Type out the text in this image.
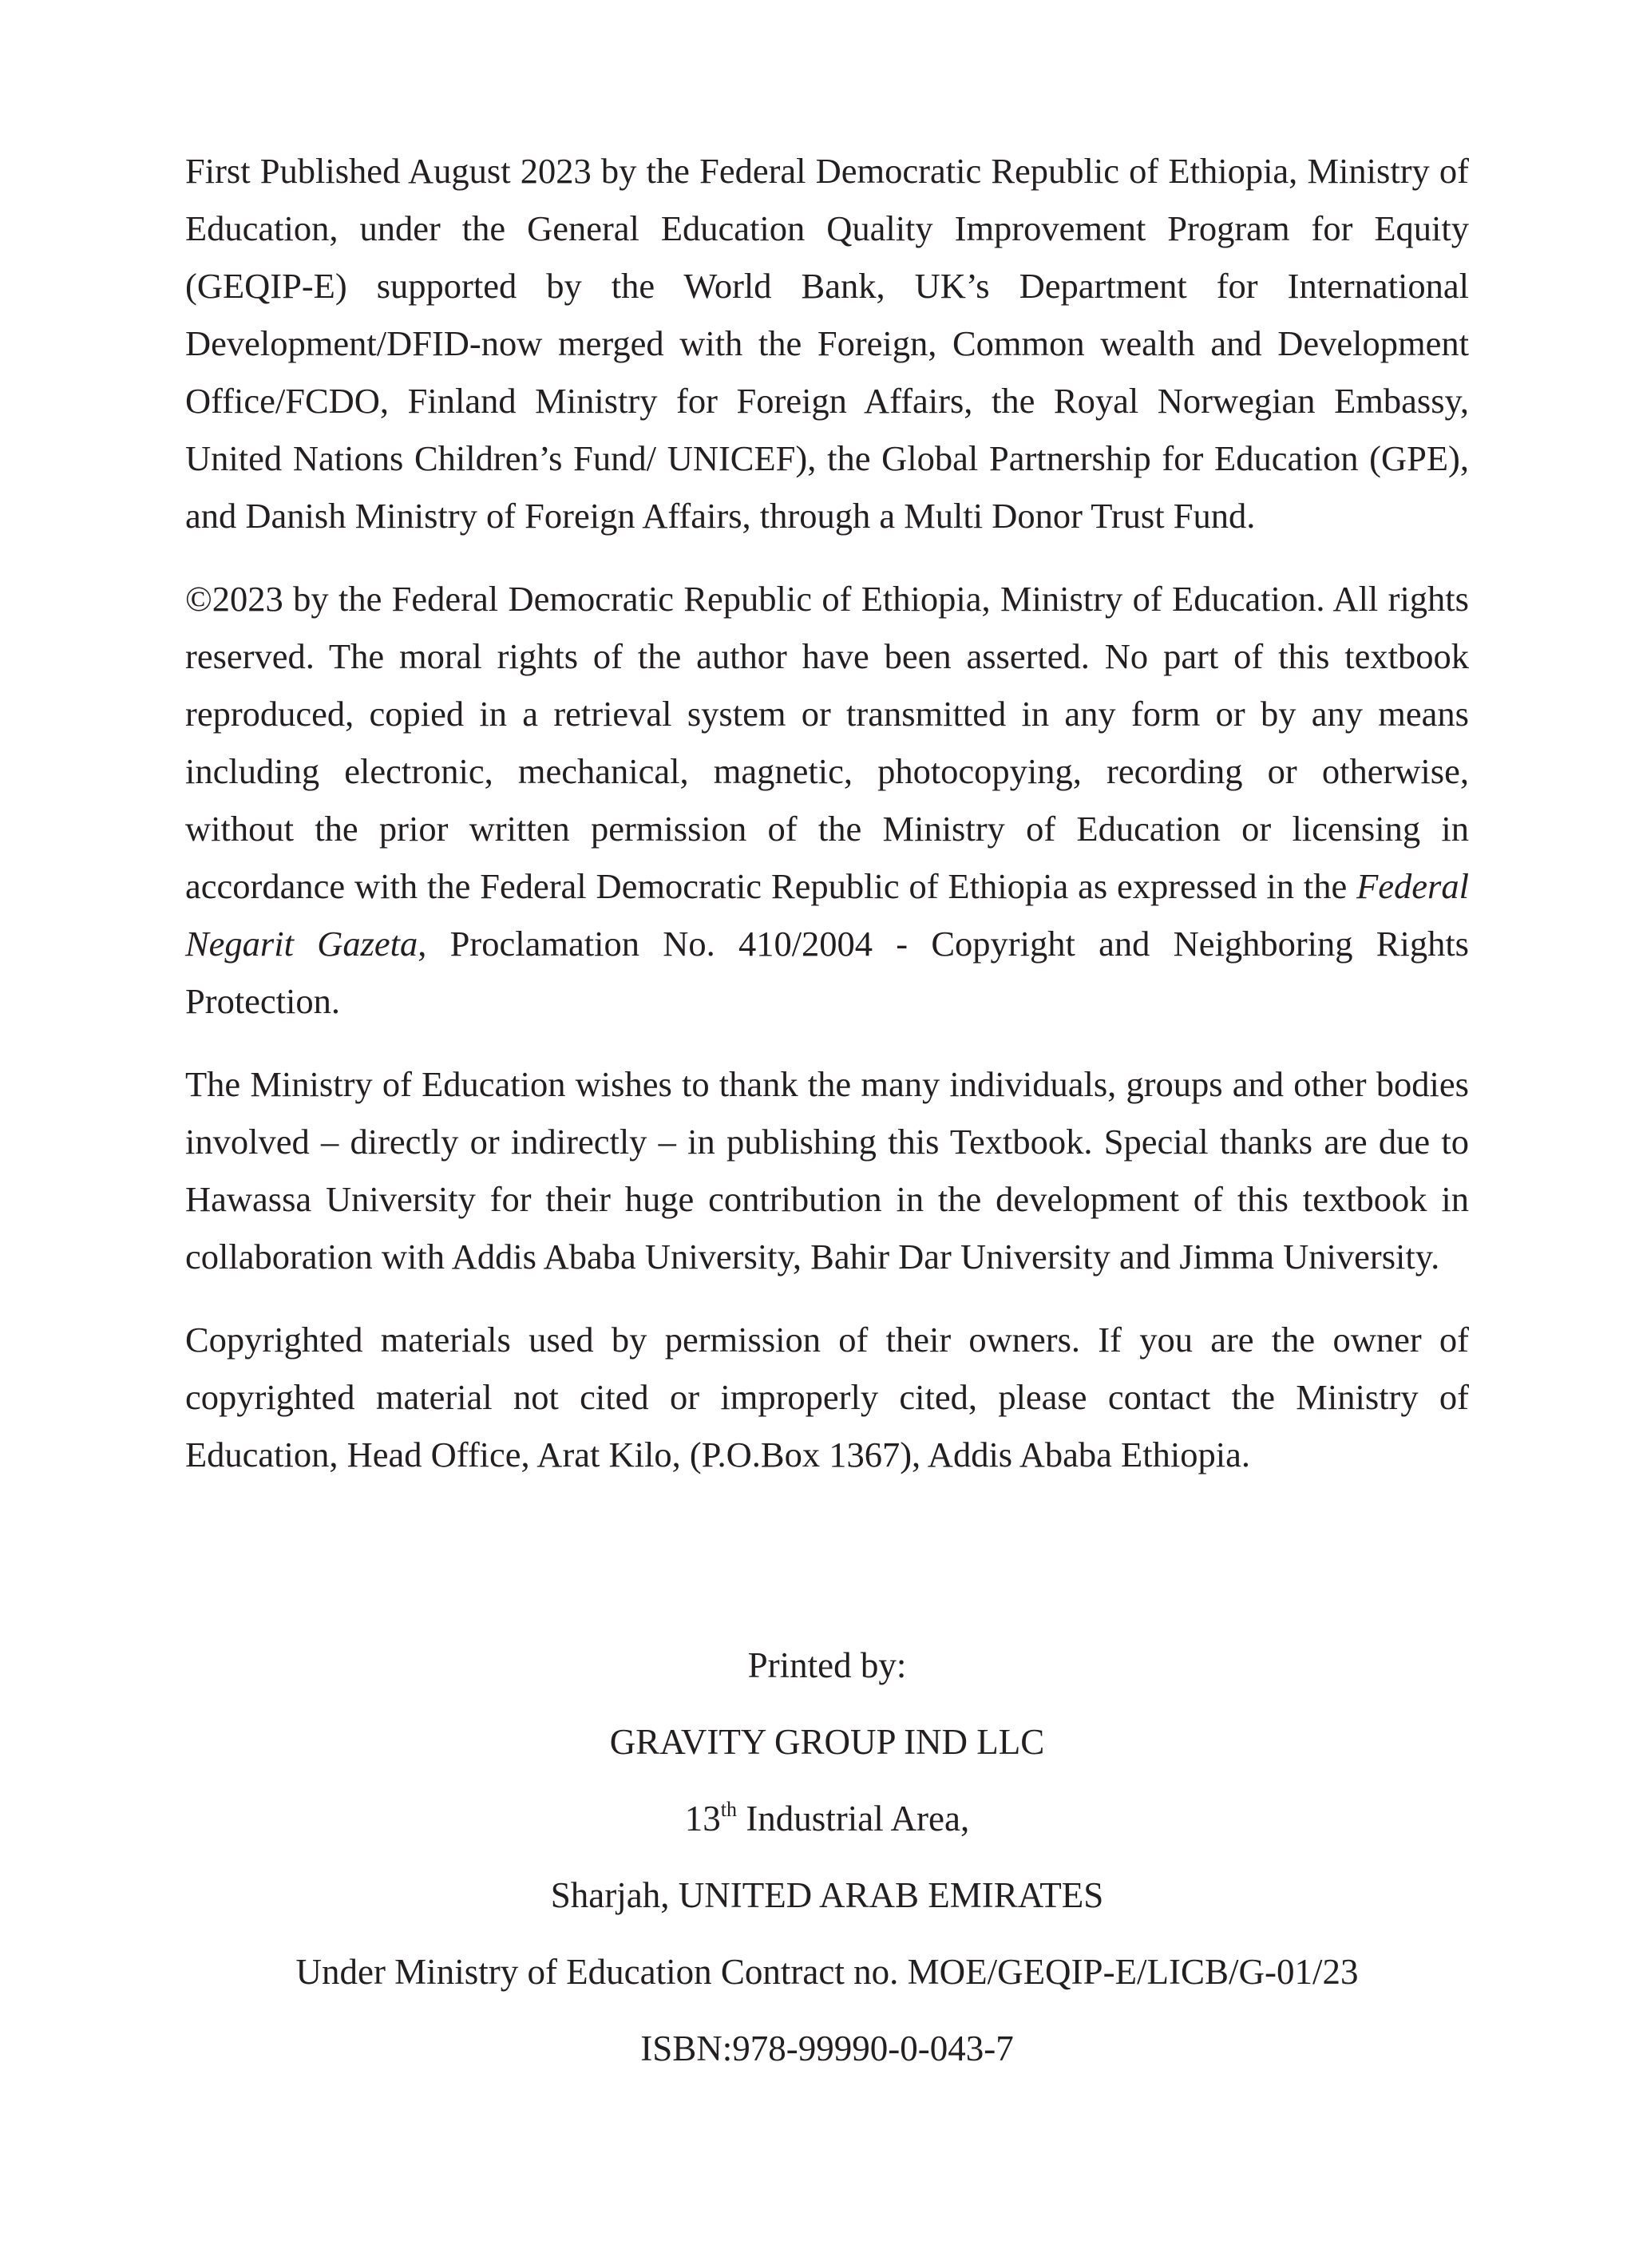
First Published August 2023 by the Federal Democratic Republic of Ethiopia, Ministry of Education, under the General Education Quality Improvement Program for Equity (GEQIP-E) supported by the World Bank, UK’s Department for International Development/DFID-now merged with the Foreign, Common wealth and Development Office/FCDO, Finland Ministry for Foreign Affairs, the Royal Norwegian Embassy, United Nations Children’s Fund/ UNICEF), the Global Partnership for Education (GPE), and Danish Ministry of Foreign Affairs, through a Multi Donor Trust Fund.

©2023 by the Federal Democratic Republic of Ethiopia, Ministry of Education. All rights reserved. The moral rights of the author have been asserted. No part of this textbook reproduced, copied in a retrieval system or transmitted in any form or by any means including electronic, mechanical, magnetic, photocopying, recording or otherwise, without the prior written permission of the Ministry of Education or licensing in accordance with the Federal Democratic Republic of Ethiopia as expressed in the Federal Negarit Gazeta, Proclamation No. 410/2004 - Copyright and Neighboring Rights Protection.

The Ministry of Education wishes to thank the many individuals, groups and other bodies involved – directly or indirectly – in publishing this Textbook. Special thanks are due to Hawassa University for their huge contribution in the development of this textbook in collaboration with Addis Ababa University, Bahir Dar University and Jimma University.

Copyrighted materials used by permission of their owners. If you are the owner of copyrighted material not cited or improperly cited, please contact the Ministry of Education, Head Office, Arat Kilo, (P.O.Box 1367), Addis Ababa Ethiopia.

Printed by:
GRAVITY GROUP IND LLC
13th Industrial Area,
Sharjah, UNITED ARAB EMIRATES
Under Ministry of Education Contract no. MOE/GEQIP-E/LICB/G-01/23
ISBN:978-99990-0-043-7
